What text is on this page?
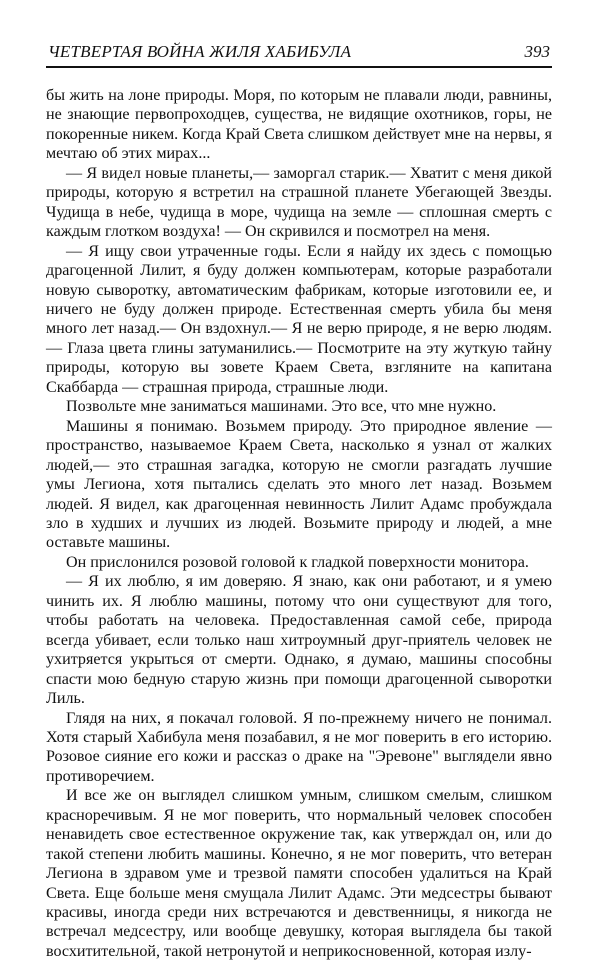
ЧЕТВЕРТАЯ ВОЙНА ЖИЛЯ ХАБИБУЛА	393

бы жить на лоне природы. Моря, по которым не плавали люди, равнины, не знающие первопроходцев, существа, не видящие охотников, горы, не покоренные никем. Когда Край Света слишком действует мне на нервы, я мечтаю об этих мирах...

— Я видел новые планеты,— заморгал старик.— Хватит с меня дикой природы, которую я встретил на страшной планете Убегающей Звезды. Чудища в небе, чудища в море, чудища на земле — сплошная смерть с каждым глотком воздуха! — Он скривился и посмотрел на меня.

— Я ищу свои утраченные годы. Если я найду их здесь с помощью драгоценной Лилит, я буду должен компьютерам, которые разработали новую сыворотку, автоматическим фабрикам, которые изготовили ее, и ничего не буду должен природе. Естественная смерть убила бы меня много лет назад.— Он вздохнул.— Я не верю природе, я не верю людям.— Глаза цвета глины затуманились.— Посмотрите на эту жуткую тайну природы, которую вы зовете Краем Света, взгляните на капитана Скаббарда — страшная природа, страшные люди.

Позвольте мне заниматься машинами. Это все, что мне нужно.

Машины я понимаю. Возьмем природу. Это природное явление — пространство, называемое Краем Света, насколько я узнал от жалких людей,— это страшная загадка, которую не смогли разгадать лучшие умы Легиона, хотя пытались сделать это много лет назад. Возьмем людей. Я видел, как драгоценная невинность Лилит Адамс пробуждала зло в худших и лучших из людей. Возьмите природу и людей, а мне оставьте машины.

Он прислонился розовой головой к гладкой поверхности монитора.

— Я их люблю, я им доверяю. Я знаю, как они работают, и я умею чинить их. Я люблю машины, потому что они существуют для того, чтобы работать на человека. Предоставленная самой себе, природа всегда убивает, если только наш хитроумный друг-приятель человек не ухитряется укрыться от смерти. Однако, я думаю, машины способны спасти мою бедную старую жизнь при помощи драгоценной сыворотки Лиль.

Глядя на них, я покачал головой. Я по-прежнему ничего не понимал. Хотя старый Хабибула меня позабавил, я не мог поверить в его историю. Розовое сияние его кожи и рассказ о драке на "Эревоне" выглядели явно противоречием.

И все же он выглядел слишком умным, слишком смелым, слишком красноречивым. Я не мог поверить, что нормальный человек способен ненавидеть свое естественное окружение так, как утверждал он, или до такой степени любить машины. Конечно, я не мог поверить, что ветеран Легиона в здравом уме и трезвой памяти способен удалиться на Край Света. Еще больше меня смущала Лилит Адамс. Эти медсестры бывают красивы, иногда среди них встречаются и девственницы, я никогда не встречал медсестру, или вообще девушку, которая выглядела бы такой восхитительной, такой нетронутой и неприкосновенной, которая излу-
